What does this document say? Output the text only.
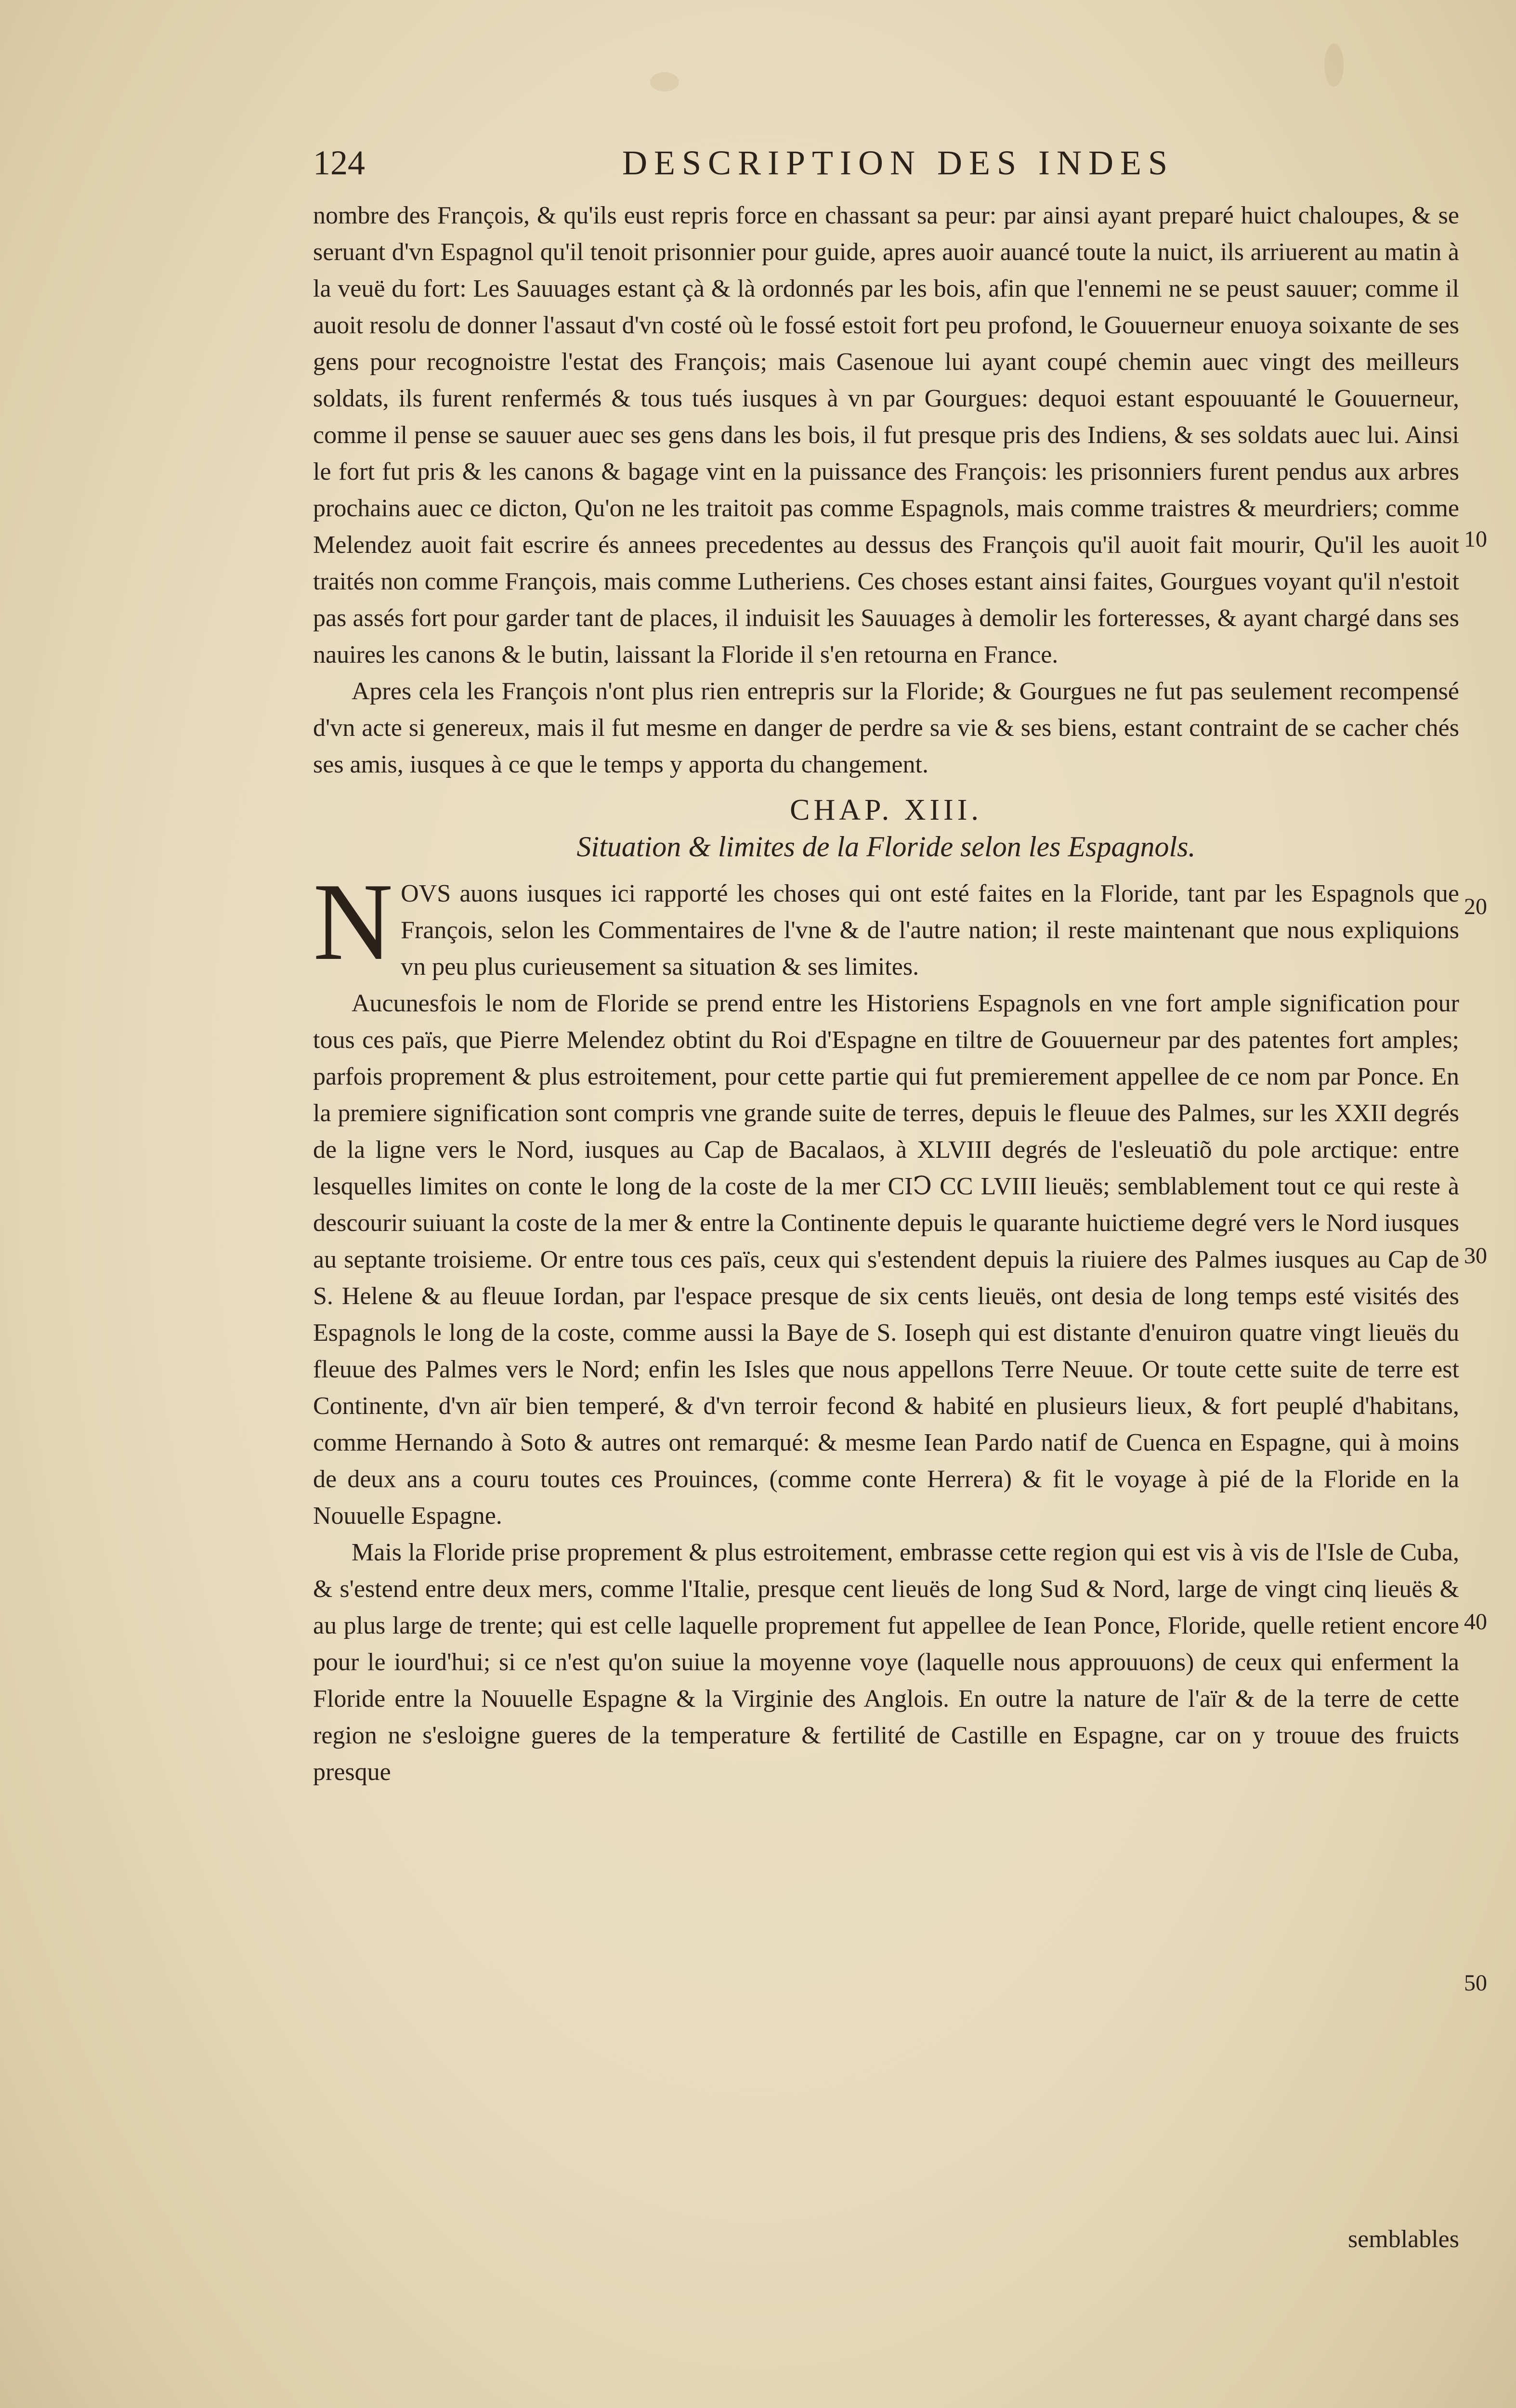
124	DESCRIPTION DES INDES

nombre des François, & qu'ils eust repris force en chassant sa peur: par ainsi ayant preparé huict chaloupes, & se seruant d'vn Espagnol qu'il tenoit prisonnier pour guide, apres auoir auancé toute la nuict, ils arriuerent au matin à la veuë du fort: Les Sauuages estant çà & là ordonnés par les bois, afin que l'ennemi ne se peust sauuer; comme il auoit resolu de donner l'assaut d'vn costé où le fossé estoit fort peu profond, le Gouuerneur enuoya soixante de ses gens pour recognoistre l'estat des François; mais Casenoue lui ayant coupé chemin auec vingt des meilleurs soldats, ils furent renfermés & tous tués iusques à vn par Gourgues: dequoi estant espouuanté le Gouuerneur, comme il pense se sauuer auec ses gens dans les bois, il fut presque pris des Indiens, & ses soldats auec lui. Ainsi le fort fut pris & les canons & bagage vint en la puissance des François: les prisonniers furent pendus aux arbres prochains auec ce dicton, Qu'on ne les traitoit pas comme Espagnols, mais comme traistres & meurdriers; comme Melendez auoit fait escrire és annees precedentes au dessus des François qu'il auoit fait mourir, Qu'il les auoit traités non comme François, mais comme Lutheriens. Ces choses estant ainsi faites, Gourgues voyant qu'il n'estoit pas assés fort pour garder tant de places, il induisit les Sauuages à demolir les forteresses, & ayant chargé dans ses nauires les canons & le butin, laissant la Floride il s'en retourna en France.

Apres cela les François n'ont plus rien entrepris sur la Floride; & Gourgues ne fut pas seulement recompensé d'vn acte si genereux, mais il fut mesme en danger de perdre sa vie & ses biens, estant contraint de se cacher chés ses amis, iusques à ce que le temps y apporta du changement.

CHAP. XIII.
Situation & limites de la Floride selon les Espagnols.

N OVS auons iusques ici rapporté les choses qui ont esté faites en la Floride, tant par les Espagnols que François, selon les Commentaires de l'vne & de l'autre nation; il reste maintenant que nous expliquions vn peu plus curieusement sa situation & ses limites.

Aucunesfois le nom de Floride se prend entre les Historiens Espagnols en vne fort ample signification pour tous ces païs, que Pierre Melendez obtint du Roi d'Espagne en tiltre de Gouuerneur par des patentes fort amples; parfois proprement & plus estroitement, pour cette partie qui fut premierement appellee de ce nom par Ponce. En la premiere signification sont compris vne grande suite de terres, depuis le fleuue des Palmes, sur les XXII degrés de la ligne vers le Nord, iusques au Cap de Bacalaos, à XLVIII degrés de l'esleuatiõ du pole arctique: entre lesquelles limites on conte le long de la coste de la mer CIↃ CC LVIII lieuës; semblablement tout ce qui reste à descourir suiuant la coste de la mer & entre la Continente depuis le quarante huictieme degré vers le Nord iusques au septante troisieme. Or entre tous ces païs, ceux qui s'estendent depuis la riuiere des Palmes iusques au Cap de S. Helene & au fleuue Iordan, par l'espace presque de six cents lieuës, ont desia de long temps esté visités des Espagnols le long de la coste, comme aussi la Baye de S. Ioseph qui est distante d'enuiron quatre vingt lieuës du fleuue des Palmes vers le Nord; enfin les Isles que nous appellons Terre Neuue. Or toute cette suite de terre est Continente, d'vn aïr bien temperé, & d'vn terroir fecond & habité en plusieurs lieux, & fort peuplé d'habitans, comme Hernando à Soto & autres ont remarqué: & mesme Iean Pardo natif de Cuenca en Espagne, qui à moins de deux ans a couru toutes ces Prouinces, (comme conte Herrera) & fit le voyage à pié de la Floride en la Nouuelle Espagne.

Mais la Floride prise proprement & plus estroitement, embrasse cette region qui est vis à vis de l'Isle de Cuba, & s'estend entre deux mers, comme l'Italie, presque cent lieuës de long Sud & Nord, large de vingt cinq lieuës & au plus large de trente; qui est celle laquelle proprement fut appellee de Iean Ponce, Floride, quelle retient encore pour le iourd'hui; si ce n'est qu'on suiue la moyenne voye (laquelle nous approuuons) de ceux qui enferment la Floride entre la Nouuelle Espagne & la Virginie des Anglois. En outre la nature de l'aïr & de la terre de cette region ne s'esloigne gueres de la temperature & fertilité de Castille en Espagne, car on y trouue des fruicts presque

10
20
30
40
50
semblables
